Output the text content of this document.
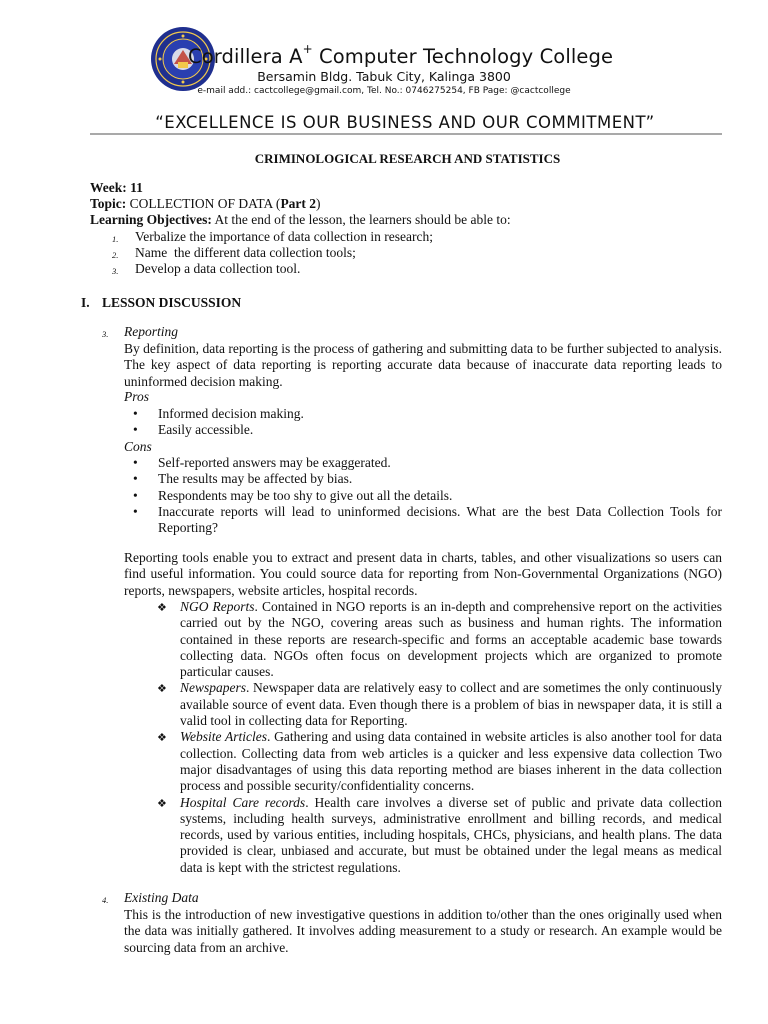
Cordillera A+ Computer Technology College
Bersamin Bldg. Tabuk City, Kalinga 3800
e-mail add.: cactcollege@gmail.com, Tel. No.: 0746275254, FB Page: @cactcollege
“EXCELLENCE IS OUR BUSINESS AND OUR COMMITMENT”
CRIMINOLOGICAL RESEARCH AND STATISTICS
Week: 11
Topic: COLLECTION OF DATA (Part 2)
Learning Objectives: At the end of the lesson, the learners should be able to:
1. Verbalize the importance of data collection in research;
2. Name  the different data collection tools;
3. Develop a data collection tool.
I. LESSON DISCUSSION
3. Reporting
By definition, data reporting is the process of gathering and submitting data to be further subjected to analysis. The key aspect of data reporting is reporting accurate data because of inaccurate data reporting leads to uninformed decision making.
Pros
• Informed decision making.
• Easily accessible.
Cons
• Self-reported answers may be exaggerated.
• The results may be affected by bias.
• Respondents may be too shy to give out all the details.
• Inaccurate reports will lead to uninformed decisions. What are the best Data Collection Tools for Reporting?
Reporting tools enable you to extract and present data in charts, tables, and other visualizations so users can find useful information. You could source data for reporting from Non-Governmental Organizations (NGO) reports, newspapers, website articles, hospital records.
❖ NGO Reports. Contained in NGO reports is an in-depth and comprehensive report on the activities carried out by the NGO, covering areas such as business and human rights. The information contained in these reports are research-specific and forms an acceptable academic base towards collecting data. NGOs often focus on development projects which are organized to promote particular causes.
❖ Newspapers. Newspaper data are relatively easy to collect and are sometimes the only continuously available source of event data. Even though there is a problem of bias in newspaper data, it is still a valid tool in collecting data for Reporting.
❖ Website Articles. Gathering and using data contained in website articles is also another tool for data collection. Collecting data from web articles is a quicker and less expensive data collection Two major disadvantages of using this data reporting method are biases inherent in the data collection process and possible security/confidentiality concerns.
❖ Hospital Care records. Health care involves a diverse set of public and private data collection systems, including health surveys, administrative enrollment and billing records, and medical records, used by various entities, including hospitals, CHCs, physicians, and health plans. The data provided is clear, unbiased and accurate, but must be obtained under the legal means as medical data is kept with the strictest regulations.
4. Existing Data
This is the introduction of new investigative questions in addition to/other than the ones originally used when the data was initially gathered. It involves adding measurement to a study or research. An example would be sourcing data from an archive.
